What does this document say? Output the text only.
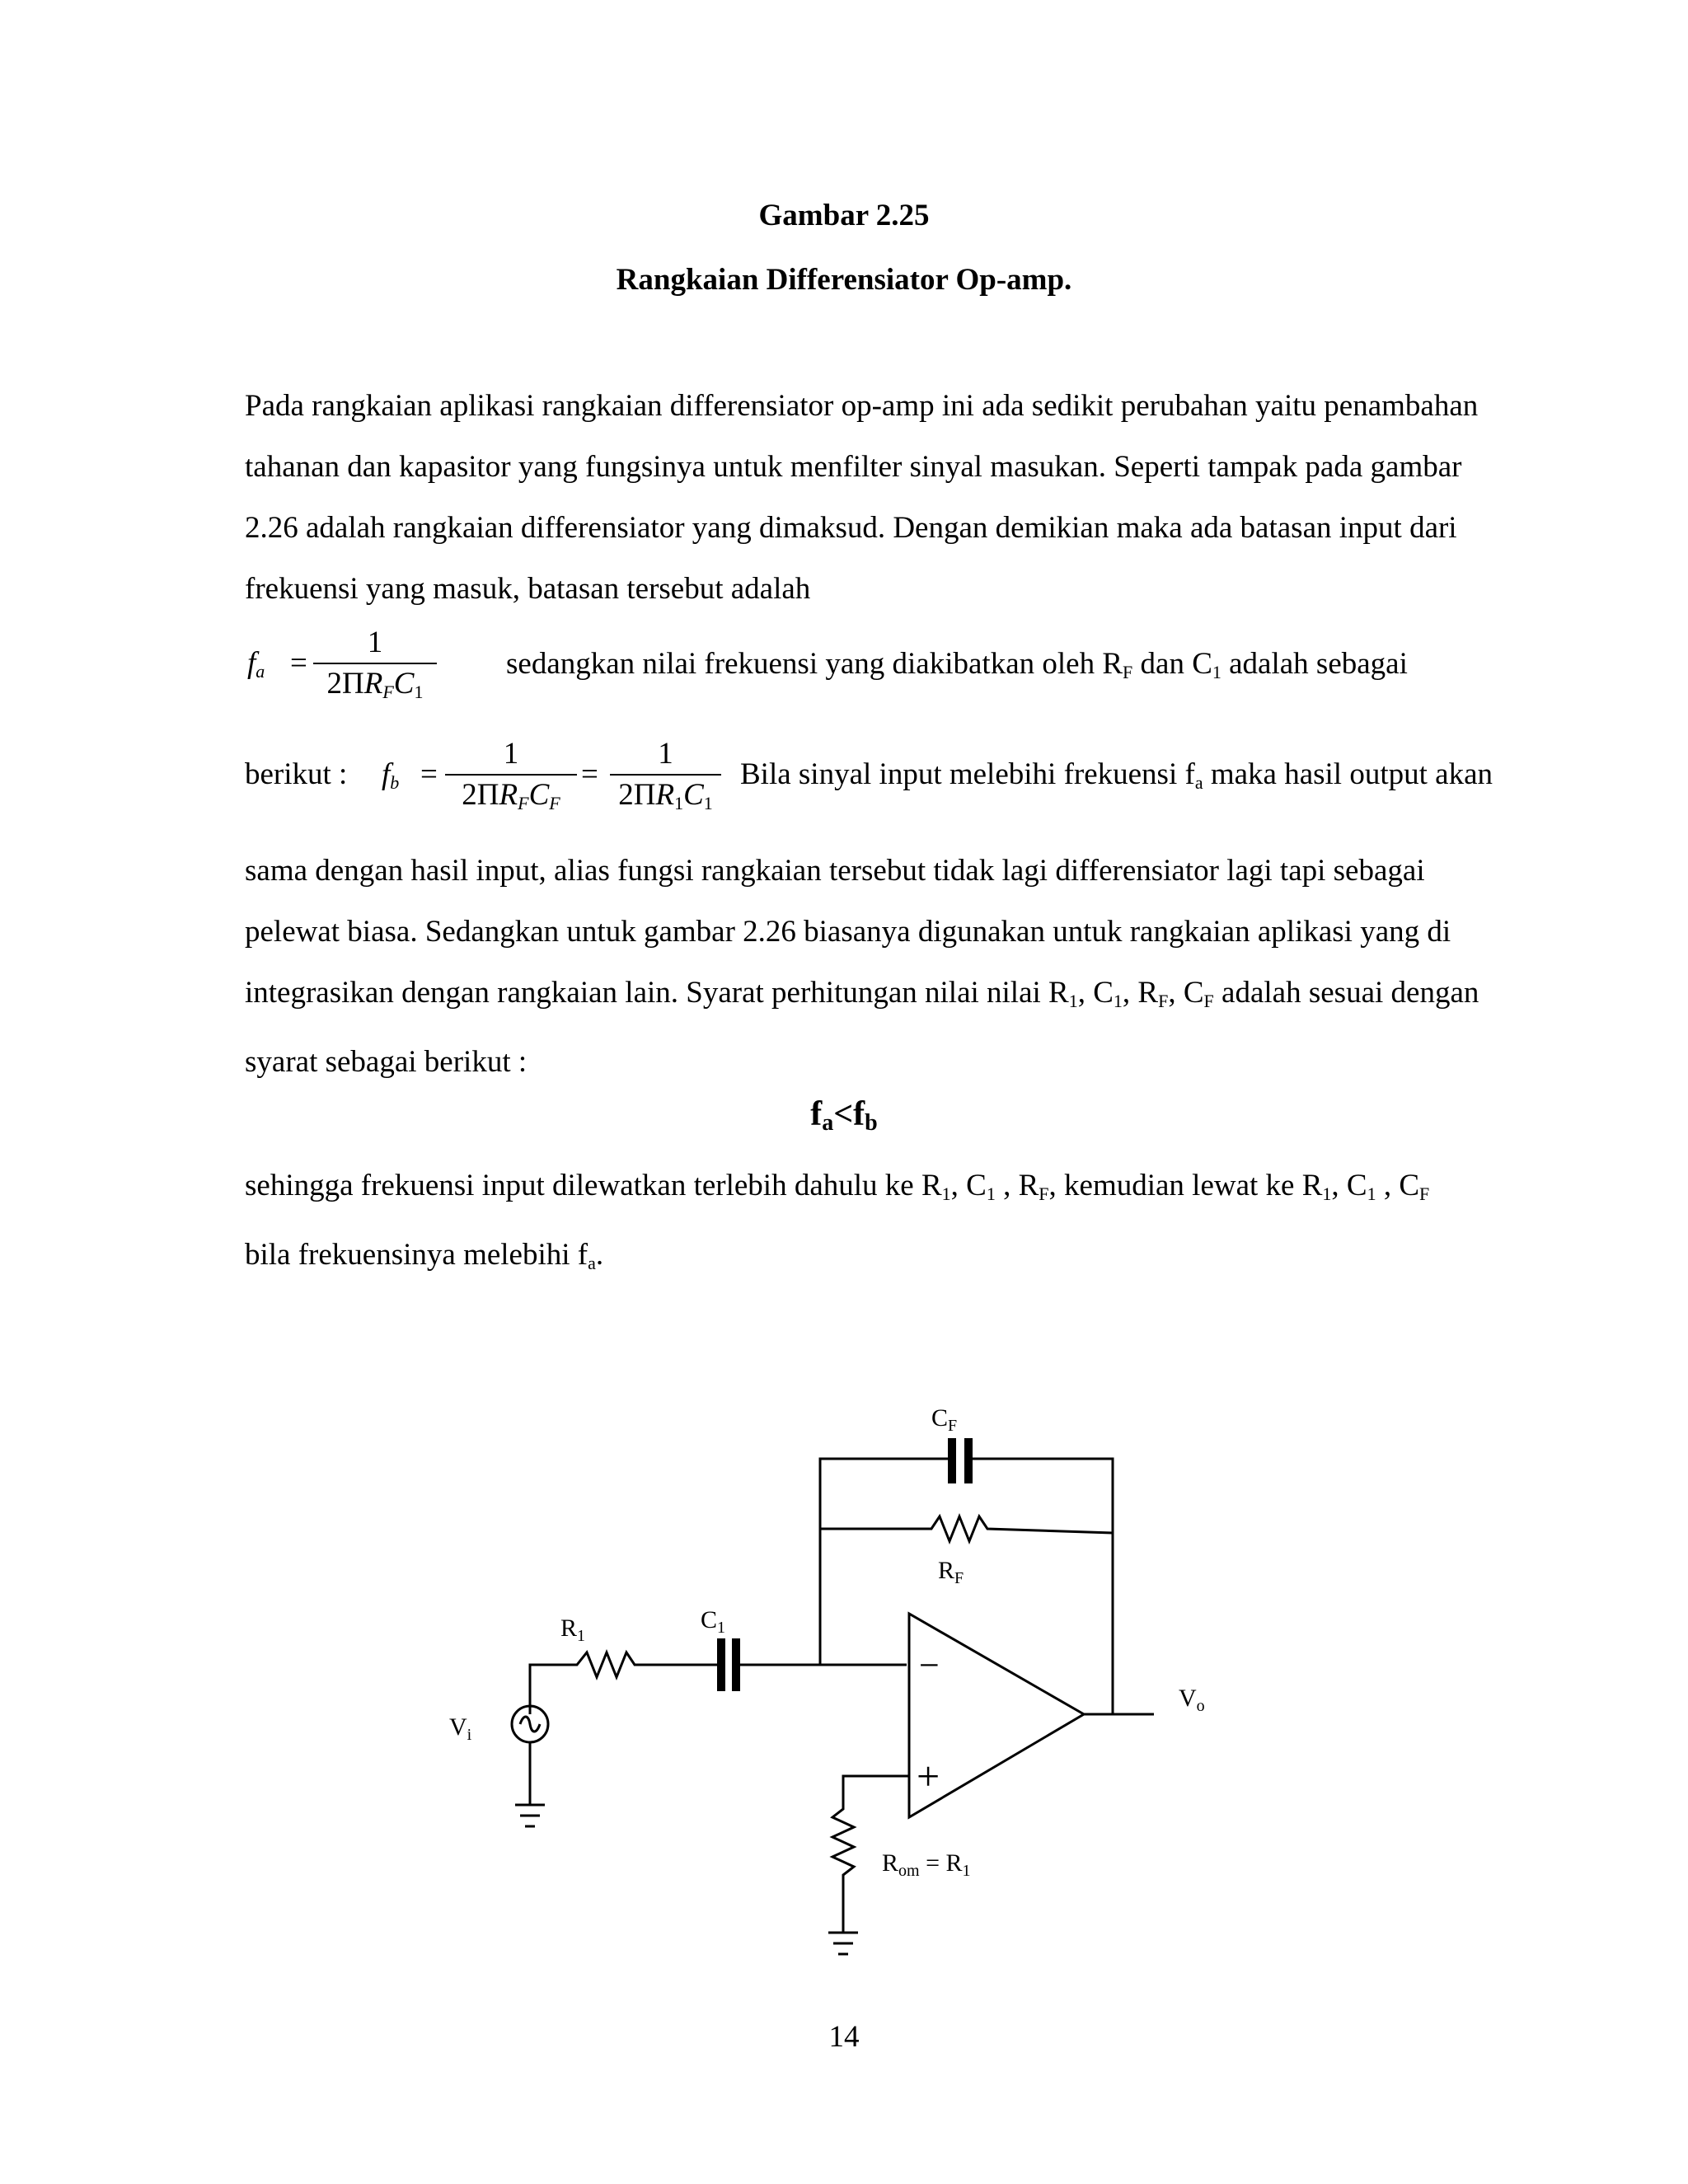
Gambar 2.25
Rangkaian Differensiator Op-amp.
Pada rangkaian aplikasi rangkaian differensiator op-amp ini ada sedikit perubahan yaitu penambahan
tahanan dan kapasitor yang fungsinya untuk menfilter sinyal masukan. Seperti tampak pada gambar
2.26 adalah rangkaian differensiator yang dimaksud. Dengan demikian maka ada batasan input dari
frekuensi yang masuk, batasan tersebut adalah
$f_a$ =
1
$2\Pi R_FC_1$
sedangkan nilai frekuensi yang diakibatkan oleh $R_F$ dan $C_1$ adalah sebagai
berikut : $f_b$ =
1
$2\Pi R_FC_F$
=
1
$2\Pi R_1C_1$
Bila sinyal input melebihi frekuensi $f_a$ maka hasil output akan
sama dengan hasil input, alias fungsi rangkaian tersebut tidak lagi differensiator lagi tapi sebagai
pelewat biasa. Sedangkan untuk gambar 2.26 biasanya digunakan untuk rangkaian aplikasi yang di
integrasikan dengan rangkaian lain. Syarat perhitungan nilai nilai $R_1$, $C_1$, $R_F$, $C_F$ adalah sesuai dengan
syarat sebagai berikut :
$f_a<f_b$
sehingga frekuensi input dilewatkan terlebih dahulu ke $R_1$, $C_1$ , $R_F$, kemudian lewat ke $R_1$, $C_1$ , $C_F$
bila frekuensinya melebihi $f_a$.
$C_F$
$R_F$
$R_1$
$C_1$
$V_i$
$V_o$
−
+
$R_{om} = R_1$
14
